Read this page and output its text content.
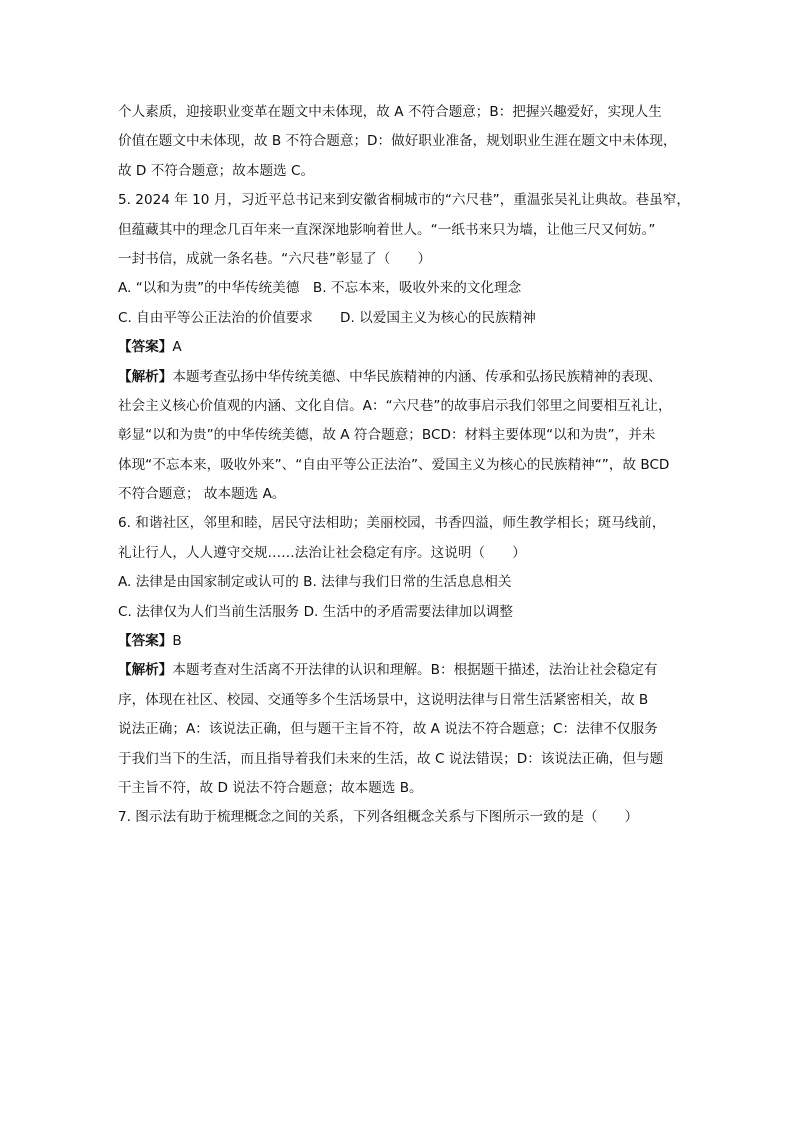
个人素质，迎接职业变革在题文中未体现，故 A 不符合题意；B：把握兴趣爱好，实现人生
价值在题文中未体现，故 B 不符合题意；D：做好职业准备，规划职业生涯在题文中未体现，
故 D 不符合题意；故本题选 C。
5. 2024 年 10 月，习近平总书记来到安徽省桐城市的“六尺巷”，重温张吴礼让典故。巷虽窄，
但蕴藏其中的理念几百年来一直深深地影响着世人。“一纸书来只为墙，让他三尺又何妨。”
一封书信，成就一条名巷。“六尺巷”彰显了（　　）
A. “以和为贵”的中华传统美德　B. 不忘本来，吸收外来的文化理念
C. 自由平等公正法治的价值要求　　D. 以爱国主义为核心的民族精神
【答案】A
【解析】本题考查弘扬中华传统美德、中华民族精神的内涵、传承和弘扬民族精神的表现、
社会主义核心价值观的内涵、文化自信。A：“六尺巷”的故事启示我们邻里之间要相互礼让，
彰显“以和为贵”的中华传统美德，故 A 符合题意；BCD：材料主要体现“以和为贵”，并未
体现“不忘本来，吸收外来”、“自由平等公正法治”、爱国主义为核心的民族精神“”，故 BCD
不符合题意； 故本题选 A。
6. 和谐社区，邻里和睦，居民守法相助；美丽校园，书香四溢，师生教学相长；斑马线前，
礼让行人，人人遵守交规……法治让社会稳定有序。这说明（　　）
A. 法律是由国家制定或认可的 B. 法律与我们日常的生活息息相关
C. 法律仅为人们当前生活服务 D. 生活中的矛盾需要法律加以调整
【答案】B
【解析】本题考查对生活离不开法律的认识和理解。B：根据题干描述，法治让社会稳定有
序，体现在社区、校园、交通等多个生活场景中，这说明法律与日常生活紧密相关，故 B
说法正确；A：该说法正确，但与题干主旨不符，故 A 说法不符合题意；C：法律不仅服务
于我们当下的生活，而且指导着我们未来的生活，故 C 说法错误；D：该说法正确，但与题
干主旨不符，故 D 说法不符合题意；故本题选 B。
7. 图示法有助于梳理概念之间的关系，下列各组概念关系与下图所示一致的是（　　）
